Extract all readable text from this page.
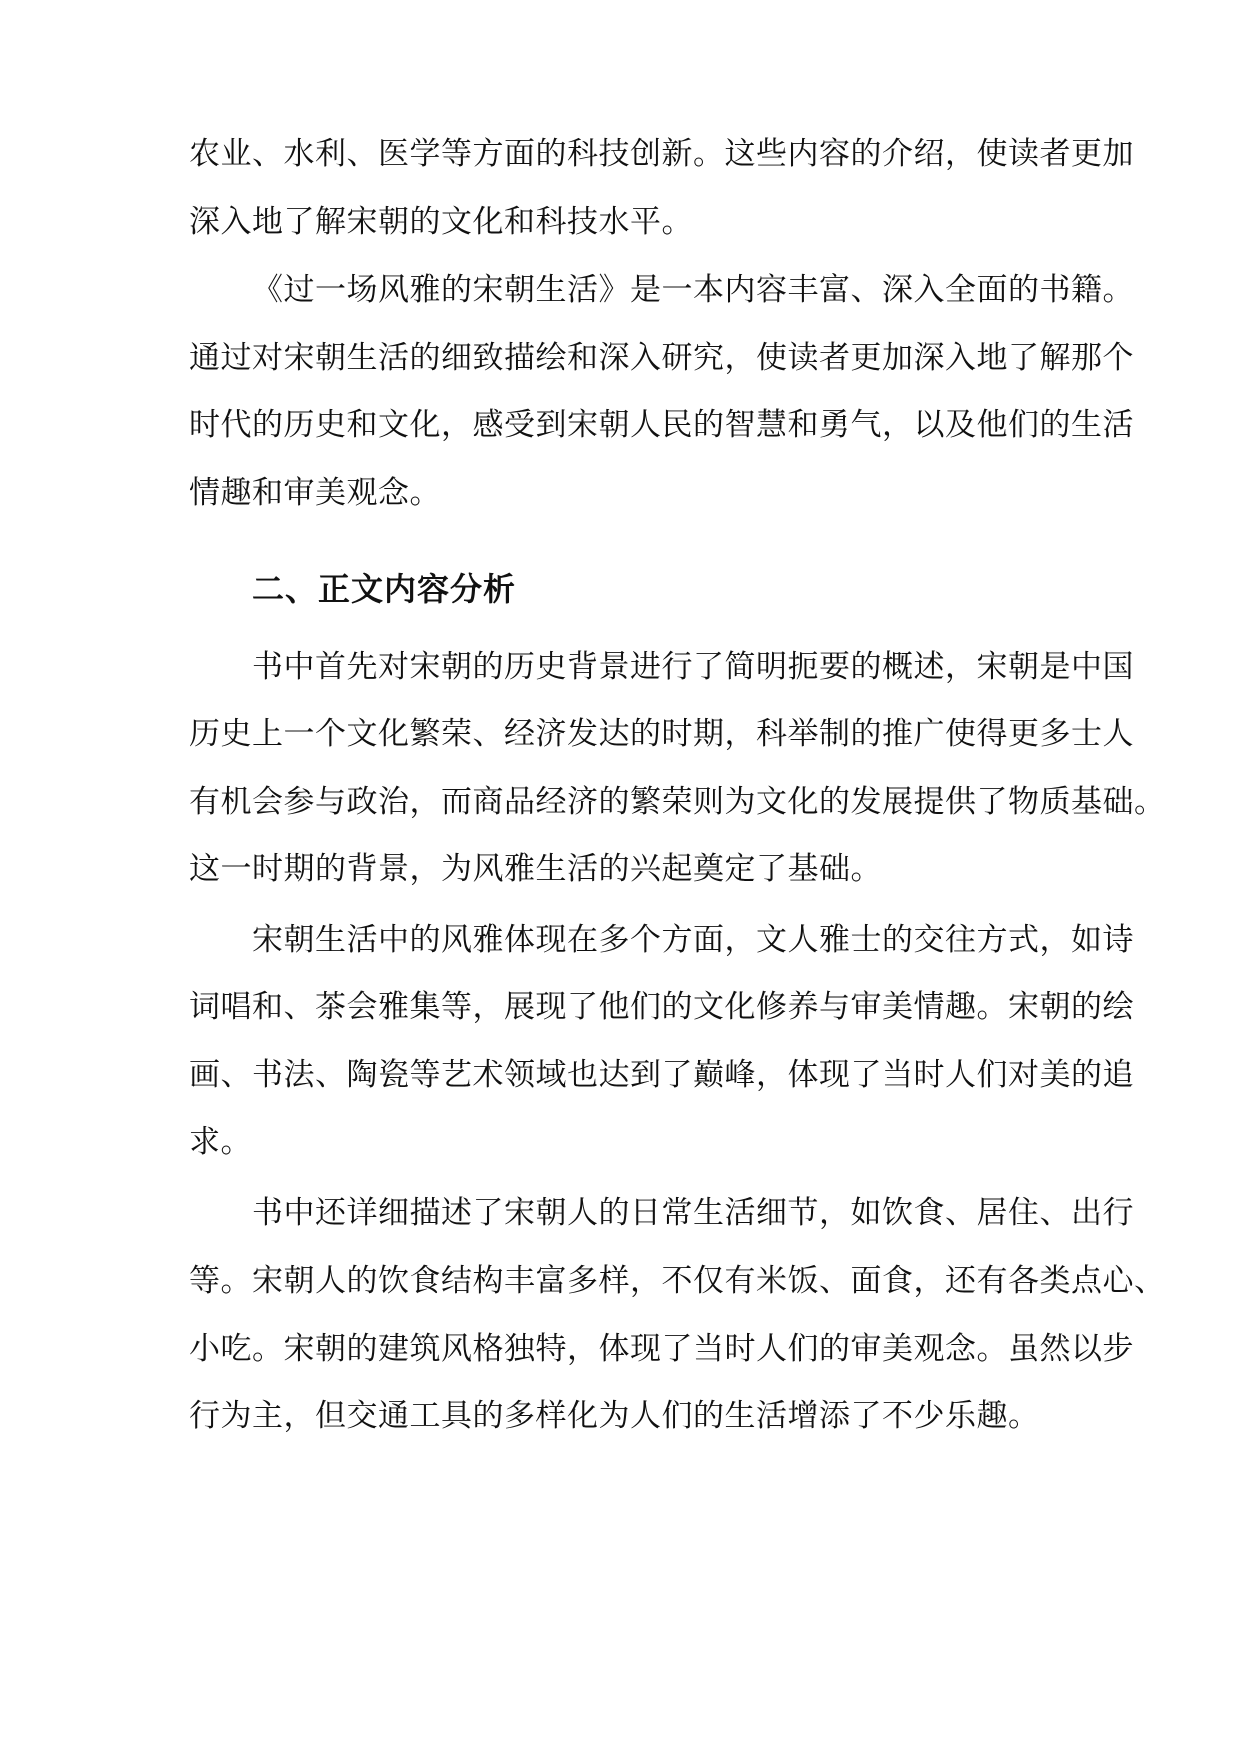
农业、水利、医学等方面的科技创新。这些内容的介绍，使读者更加
深入地了解宋朝的文化和科技水平。
《过一场风雅的宋朝生活》是一本内容丰富、深入全面的书籍。
通过对宋朝生活的细致描绘和深入研究，使读者更加深入地了解那个
时代的历史和文化，感受到宋朝人民的智慧和勇气，以及他们的生活
情趣和审美观念。
二、正文内容分析
书中首先对宋朝的历史背景进行了简明扼要的概述，宋朝是中国
历史上一个文化繁荣、经济发达的时期，科举制的推广使得更多士人
有机会参与政治，而商品经济的繁荣则为文化的发展提供了物质基础。
这一时期的背景，为风雅生活的兴起奠定了基础。
宋朝生活中的风雅体现在多个方面，文人雅士的交往方式，如诗
词唱和、茶会雅集等，展现了他们的文化修养与审美情趣。宋朝的绘
画、书法、陶瓷等艺术领域也达到了巅峰，体现了当时人们对美的追
求。
书中还详细描述了宋朝人的日常生活细节，如饮食、居住、出行
等。宋朝人的饮食结构丰富多样，不仅有米饭、面食，还有各类点心、
小吃。宋朝的建筑风格独特，体现了当时人们的审美观念。虽然以步
行为主，但交通工具的多样化为人们的生活增添了不少乐趣。
